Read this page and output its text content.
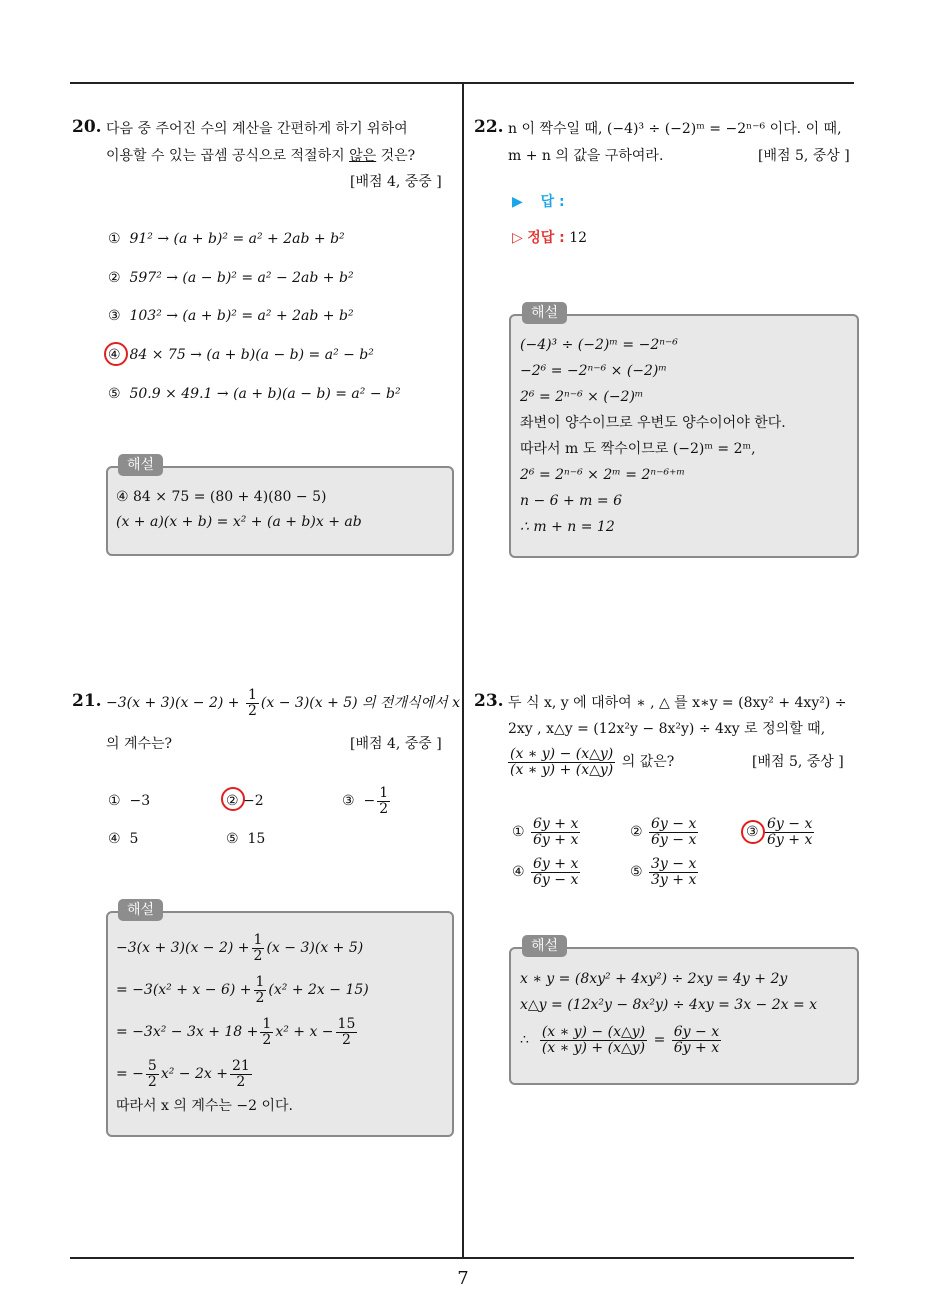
7
20. 다음 중 주어진 수의 계산을 간편하게 하기 위하여
이용할 수 있는 곱셈 공식으로 적절하지 않은 것은?
[배점 4, 중중 ]
① 91² → (a + b)² = a² + 2ab + b²
② 597² → (a − b)² = a² − 2ab + b²
③ 103² → (a + b)² = a² + 2ab + b²
④ 84 × 75 → (a + b)(a − b) = a² − b²
⑤ 50.9 × 49.1 → (a + b)(a − b) = a² − b²
해설
④ 84 × 75 = (80 + 4)(80 − 5)
(x + a)(x + b) = x² + (a + b)x + ab
21. $-3(x + 3)(x - 2) + \frac{1}{2} (x - 3)(x + 5)$ 의 전개식에서 x
의 계수는?	[배점 4, 중중 ]
① −3	② −2	③ − $\frac{1}{2}$
④ 5	⑤ 15
해설
$-3(x + 3)(x - 2) + \frac{1}{2} (x - 3)(x + 5)$
= $-3(x^2 + x - 6) + \frac{1}{2} (x^2 + 2x - 15)$
= $-3x^2 - 3x + 18 + \frac{1}{2} x^2 + x - \frac{15}{2}$
= − $\frac{5}{2} x^2 - 2x + \frac{21}{2}$
따라서 x 의 계수는 −2 이다.
22. n 이 짝수일 때, (−4)³ ÷ (−2)ᵐ = −2ⁿ⁻⁶ 이다. 이 때,
m + n 의 값을 구하여라.	[배점 5, 중상 ]
▶ 답 :
▷ 정답 : 12
해설
(−4)³ ÷ (−2)ᵐ = −2ⁿ⁻⁶
−2⁶ = −2ⁿ⁻⁶ × (−2)ᵐ
2⁶ = 2ⁿ⁻⁶ × (−2)ᵐ
좌변이 양수이므로 우변도 양수이어야 한다.
따라서 m 도 짝수이므로 (−2)ᵐ = 2ᵐ,
2⁶ = 2ⁿ⁻⁶ × 2ᵐ = 2ⁿ⁻⁶⁺ᵐ
n − 6 + m = 6
∴ m + n = 12
23. 두 식 x, y 에 대하여 ∗ , △ 를 x∗y = (8xy² + 4xy²) ÷
2xy , x△y = (12x²y − 8x²y) ÷ 4xy 로 정의할 때,
$\frac{(x ∗ y) - (x\triangle y)}{(x ∗ y) + (x\triangle y)}$ 의 값은?	[배점 5, 중상 ]
① $\frac{6y + x}{6y + x}$	② $\frac{6y - x}{6y - x}$	③ $\frac{6y - x}{6y + x}$
④ $\frac{6y + x}{6y - x}$	⑤ $\frac{3y - x}{3y + x}$
해설
x ∗ y = (8xy² + 4xy²) ÷ 2xy = 4y + 2y
x△y = (12x²y − 8x²y) ÷ 4xy = 3x − 2x = x
∴ $\frac{(x ∗ y) - (x\triangle y)}{(x ∗ y) + (x\triangle y)} = \frac{6y - x}{6y + x}$
